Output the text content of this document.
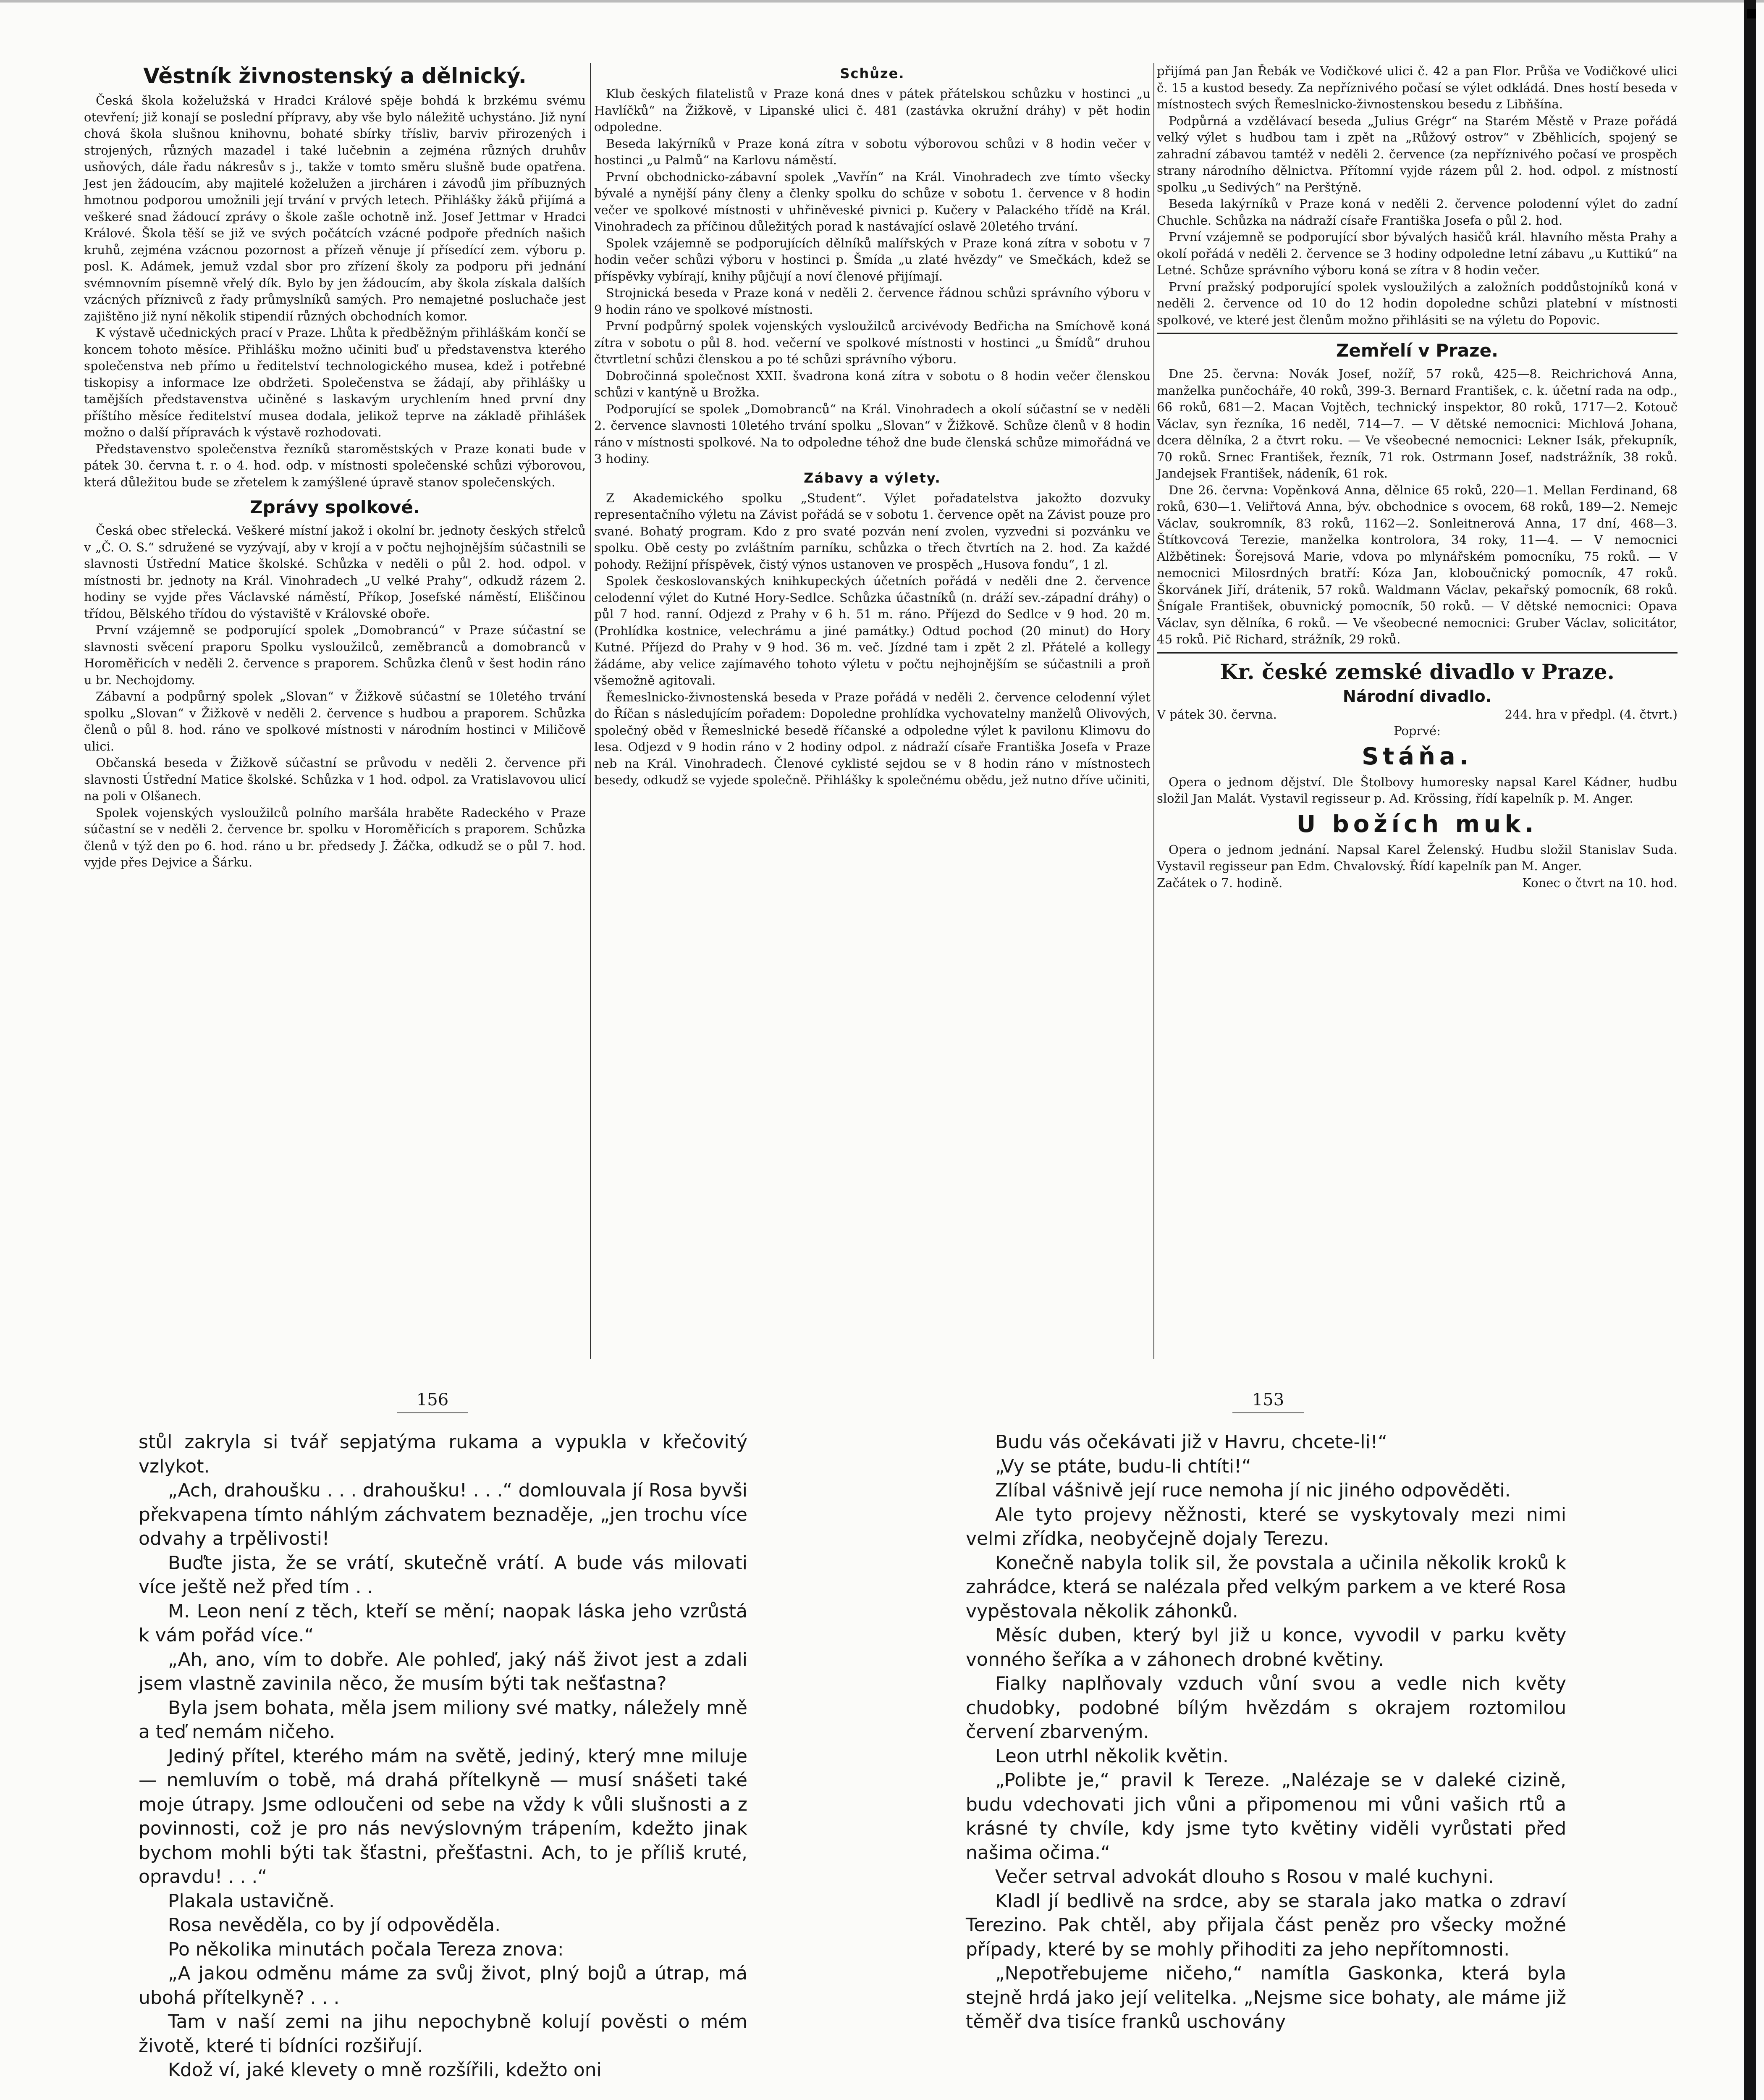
Věstník živnostenský a dělnický.

Česká škola koželužská v Hradci Králové spěje bohdá k brzkému svému otevření; již konají se poslední přípravy, aby vše bylo náležitě uchystáno. Již nyní chová škola slušnou knihovnu, bohaté sbírky třísliv, barviv přirozených i strojených, různých mazadel i také lučebnin a zejména různých druhův usňových, dále řadu nákresův s j., takže v tomto směru slušně bude opatřena. Jest jen žádoucím, aby majitelé koželužen a jircháren i závodů jim příbuzných hmotnou podporou umožnili její trvání v prvých letech. Přihlášky žáků přijímá a veškeré snad žádoucí zprávy o škole zašle ochotně inž. Josef Jettmar v Hradci Králové. Škola těší se již ve svých počátcích vzácné podpoře předních našich kruhů, zejména vzácnou pozornost a přízeň věnuje jí přísedící zem. výboru p. posl. K. Adámek, jemuž vzdal sbor pro zřízení školy za podporu při jednání svémnovním písemně vřelý dík. Bylo by jen žádoucím, aby škola získala dalších vzácných příznivců z řady průmyslníků samých. Pro nemajetné posluchače jest zajištěno již nyní několik stipendií různých obchodních komor.

K výstavě učednických prací v Praze. Lhůta k předběžným přihláškám končí se koncem tohoto měsíce. Přihlášku možno učiniti buď u představenstva kterého společenstva neb přímo u ředitelství technologického musea, kdež i potřebné tiskopisy a informace lze obdržeti. Společenstva se žádají, aby přihlášky u tamějších představenstva učiněné s laskavým urychlením hned první dny příštího měsíce ředitelství musea dodala, jelikož teprve na základě přihlášek možno o další přípravách k výstavě rozhodovati.

Představenstvo společenstva řezníků staroměstských v Praze konati bude v pátek 30. června t. r. o 4. hod. odp. v místnosti společenské schůzi výborovou, která důležitou bude se zřetelem k zamýšlené úpravě stanov společenských.

Zprávy spolkové.

Česká obec střelecká. Veškeré místní jakož i okolní br. jednoty českých střelců v „Č. O. S.“ sdružené se vyzývají, aby v krojí a v počtu nejhojnějším súčastnili se slavnosti Ústřední Matice školské. Schůzka v neděli o půl 2. hod. odpol. v místnosti br. jednoty na Král. Vinohradech „U velké Prahy“, odkudž rázem 2. hodiny se vyjde přes Václavské náměstí, Příkop, Josefské náměstí, Eliščinou třídou, Bělského třídou do výstaviště v Královské oboře.

První vzájemně se podporující spolek „Domobrancú“ v Praze súčastní se slavnosti svěcení praporu Spolku vysloužilců, zeměbranců a domobranců v Horoměřicích v neděli 2. července s praporem. Schůzka členů v šest hodin ráno u br. Nechojdomy.

Zábavní a podpůrný spolek „Slovan“ v Žižkově súčastní se 10letého trvání spolku „Slovan“ v Žižkově v neděli 2. července s hudbou a praporem. Schůzka členů o půl 8. hod. ráno ve spolkové místnosti v národním hostinci v Miličově ulici.

Občanská beseda v Žižkově súčastní se průvodu v neděli 2. července při slavnosti Ústřední Matice školské. Schůzka v 1 hod. odpol. za Vratislavovou ulicí na poli v Olšanech.

Spolek vojenských vysloužilců polního maršála hraběte Radeckého v Praze súčastní se v neděli 2. července br. spolku v Horoměřicích s praporem. Schůzka členů v týž den po 6. hod. ráno u br. předsedy J. Žáčka, odkudž se o půl 7. hod. vyjde přes Dejvice a Šárku.

Schůze.

Klub českých filatelistů v Praze koná dnes v pátek přátelskou schůzku v hostinci „u Havlíčků“ na Žižkově, v Lipanské ulici č. 481 (zastávka okružní dráhy) v pět hodin odpoledne.

Beseda lakýrníků v Praze koná zítra v sobotu výborovou schůzi v 8 hodin večer v hostinci „u Palmů“ na Karlovu náměstí.

První obchodnicko-zábavní spolek „Vavřín“ na Král. Vinohradech zve tímto všecky bývalé a nynější pány členy a členky spolku do schůze v sobotu 1. července v 8 hodin večer ve spolkové místnosti v uhřiněveské pivnici p. Kučery v Palackého třídě na Král. Vinohradech za příčinou důležitých porad k nastávající oslavě 20letého trvání.

Spolek vzájemně se podporujících dělníků malířských v Praze koná zítra v sobotu v 7 hodin večer schůzi výboru v hostinci p. Šmída „u zlaté hvězdy“ ve Smečkách, kdež se příspěvky vybírají, knihy půjčují a noví členové přijímají.

Strojnická beseda v Praze koná v neděli 2. července řádnou schůzi správního výboru v 9 hodin ráno ve spolkové místnosti.

První podpůrný spolek vojenských vysloužilců arcivévody Bedřicha na Smíchově koná zítra v sobotu o půl 8. hod. večerní ve spolkové místnosti v hostinci „u Šmídů“ druhou čtvrtletní schůzi členskou a po té schůzi správního výboru.

Dobročinná společnost XXII. švadrona koná zítra v sobotu o 8 hodin večer členskou schůzi v kantýně u Brožka.

Podporující se spolek „Domobranců“ na Král. Vinohradech a okolí súčastní se v neděli 2. července slavnosti 10letého trvání spolku „Slovan“ v Žižkově. Schůze členů v 8 hodin ráno v místnosti spolkové. Na to odpoledne téhož dne bude členská schůze mimořádná ve 3 hodiny.

Zábavy a výlety.

Z Akademického spolku „Student“. Výlet pořadatelstva jakožto dozvuky representačního výletu na Závist pořádá se v sobotu 1. července opět na Závist pouze pro svané. Bohatý program. Kdo z pro svaté pozván není zvolen, vyzvedni si pozvánku ve spolku. Obě cesty po zvláštním parníku, schůzka o třech čtvrtích na 2. hod. Za každé pohody. Režijní příspěvek, čistý výnos ustanoven ve prospěch „Husova fondu“, 1 zl.

Spolek českoslovanských knihkupeckých účetních pořádá v neděli dne 2. července celodenní výlet do Kutné Hory-Sedlce. Schůzka účastníků (n. dráží sev.-západní dráhy) o půl 7 hod. ranní. Odjezd z Prahy v 6 h. 51 m. ráno. Příjezd do Sedlce v 9 hod. 20 m. (Prohlídka kostnice, velechrámu a jiné památky.) Odtud pochod (20 minut) do Hory Kutné. Příjezd do Prahy v 9 hod. 36 m. več. Jízdné tam i zpět 2 zl. Přátelé a kollegy žádáme, aby velice zajímavého tohoto výletu v počtu nejhojnějším se súčastnili a proň všemožně agitovali.

Řemeslnicko-živnostenská beseda v Praze pořádá v neděli 2. července celodenní výlet do Říčan s následujícím pořadem: Dopoledne prohlídka vychovatelny manželů Olivových, společný oběd v Řemeslnické besedě říčanské a odpoledne výlet k pavilonu Klimovu do lesa. Odjezd v 9 hodin ráno v 2 hodiny odpol. z nádraží císaře Františka Josefa v Praze neb na Král. Vinohradech. Členové cyklisté sejdou se v 8 hodin ráno v místnostech besedy, odkudž se vyjede společně. Přihlášky k společnému obědu, jež nutno dříve učiniti,

přijímá pan Jan Řebák ve Vodičkové ulici č. 42 a pan Flor. Průša ve Vodičkové ulici č. 15 a kustod besedy. Za nepříznivého počasí se výlet odkládá. Dnes hostí beseda v místnostech svých Řemeslnicko-živnostenskou besedu z Libňšína.

Podpůrná a vzdělávací beseda „Julius Grégr“ na Starém Městě v Praze pořádá velký výlet s hudbou tam i zpět na „Růžový ostrov“ v Zběhlicích, spojený se zahradní zábavou tamtéž v neděli 2. července (za nepříznivého počasí ve prospěch strany národního dělnictva. Přítomní vyjde rázem půl 2. hod. odpol. z místností spolku „u Sedivých“ na Perštýně.

Beseda lakýrníků v Praze koná v neděli 2. července polodenní výlet do zadní Chuchle. Schůzka na nádraží císaře Františka Josefa o půl 2. hod.

První vzájemně se podporující sbor bývalých hasičů král. hlavního města Prahy a okolí pořádá v neděli 2. července se 3 hodiny odpoledne letní zábavu „u Kuttikú“ na Letné. Schůze správního výboru koná se zítra v 8 hodin večer.

První pražský podporující spolek vysloužilých a založních poddůstojníků koná v neděli 2. července od 10 do 12 hodin dopoledne schůzi platební v místnosti spolkové, ve které jest členům možno přihlásiti se na výletu do Popovic.

Zemřelí v Praze.

Dne 25. června: Novák Josef, nožíř, 57 roků, 425—8. Reichrichová Anna, manželka punčocháře, 40 roků, 399-3. Bernard František, c. k. účetní rada na odp., 66 roků, 681—2. Macan Vojtěch, technický inspektor, 80 roků, 1717—2. Kotouč Václav, syn řezníka, 16 neděl, 714—7. — V dětské nemocnici: Michlová Johana, dcera dělníka, 2 a čtvrt roku. — Ve všeobecné nemocnici: Lekner Isák, překupník, 70 roků. Srnec František, řezník, 71 rok. Ostrmann Josef, nadstrážník, 38 roků. Jandejsek František, nádeník, 61 rok.

Dne 26. června: Vopěnková Anna, dělnice 65 roků, 220—1. Mellan Ferdinand, 68 roků, 630—1. Veliřtová Anna, býv. obchodnice s ovocem, 68 roků, 189—2. Nemejc Václav, soukromník, 83 roků, 1162—2. Sonleitnerová Anna, 17 dní, 468—3. Štítkovcová Terezie, manželka kontrolora, 34 roky, 11—4. — V nemocnici Alžbětinek: Šorejsová Marie, vdova po mlynářském pomocníku, 75 roků. — V nemocnici Milosrdných bratří: Kóza Jan, kloboučnický pomocník, 47 roků. Škorvánek Jiří, drátenik, 57 roků. Waldmann Václav, pekařský pomocník, 68 roků. Šnígale František, obuvnický pomocník, 50 roků. — V dětské nemocnici: Opava Václav, syn dělníka, 6 roků. — Ve všeobecné nemocnici: Gruber Václav, solicitátor, 45 roků. Pič Richard, strážník, 29 roků.

Kr. české zemské divadlo v Praze.
Národní divadlo.
V pátek 30. června.	244. hra v předpl. (4. čtvrt.)

Poprvé:

Stáňa.

Opera o jednom dějství. Dle Štolbovy humoresky napsal Karel Kádner, hudbu složil Jan Malát. Vystavil regisseur p. Ad. Krössing, řídí kapelník p. M. Anger.

U božích muk.

Opera o jednom jednání. Napsal Karel Želenský. Hudbu složil Stanislav Suda. Vystavil regisseur pan Edm. Chvalovský. Řídí kapelník pan M. Anger.

Začátek o 7. hodině.	Konec o čtvrt na 10. hod.
156	153

stůl zakryla si tvář sepjatýma rukama a vypukla v křečovitý vzlykot.

„Ach, drahoušku . . . drahoušku! . . .“ domlouvala jí Rosa byvši překvapena tímto náhlým záchvatem beznaděje, „jen trochu více odvahy a trpělivosti!

Buďte jista, že se vrátí, skutečně vrátí. A bude vás milovati více ještě než před tím . .

M. Leon není z těch, kteří se mění; naopak láska jeho vzrůstá k vám pořád více.“

„Ah, ano, vím to dobře. Ale pohleď, jaký náš život jest a zdali jsem vlastně zavinila něco, že musím býti tak nešťastna?

Byla jsem bohata, měla jsem miliony své matky, náležely mně a teď nemám ničeho.

Jediný přítel, kterého mám na světě, jediný, který mne miluje — nemluvím o tobě, má drahá přítelkyně — musí snášeti také moje útrapy. Jsme odloučeni od sebe na vždy k vůli slušnosti a z povinnosti, což je pro nás nevýslovným trápením, kdežto jinak bychom mohli býti tak šťastni, přešťastni. Ach, to je příliš kruté, opravdu! . . .“

Plakala ustavičně.

Rosa nevěděla, co by jí odpověděla.

Po několika minutách počala Tereza znova:

„A jakou odměnu máme za svůj život, plný bojů a útrap, má ubohá přítelkyně? . . .

Tam v naší zemi na jihu nepochybně kolují pověsti o mém životě, které ti bídníci rozšiřují.

Kdož ví, jaké klevety o mně rozšířili, kdežto oni

Budu vás očekávati již v Havru, chcete-li!“

„Vy se ptáte, budu-li chtíti!“

Zlíbal vášnivě její ruce nemoha jí nic jiného odpověděti.

Ale tyto projevy něžnosti, které se vyskytovaly mezi nimi velmi zřídka, neobyčejně dojaly Terezu.

Konečně nabyla tolik sil, že povstala a učinila několik kroků k zahrádce, která se nalézala před velkým parkem a ve které Rosa vypěstovala několik záhonků.

Měsíc duben, který byl již u konce, vyvodil v parku květy vonného šeříka a v záhonech drobné květiny.

Fialky naplňovaly vzduch vůní svou a vedle nich květy chudobky, podobné bílým hvězdám s okrajem roztomilou červení zbarveným.

Leon utrhl několik květin.

„Polibte je,“ pravil k Tereze. „Nalézaje se v daleké cizině, budu vdechovati jich vůni a připomenou mi vůni vašich rtů a krásné ty chvíle, kdy jsme tyto květiny viděli vyrůstati před našima očima.“

Večer setrval advokát dlouho s Rosou v malé kuchyni.

Kladl jí bedlivě na srdce, aby se starala jako matka o zdraví Terezino. Pak chtěl, aby přijala část peněz pro všecky možné případy, které by se mohly přihoditi za jeho nepřítomnosti.

„Nepotřebujeme ničeho,“ namítla Gaskonka, která byla stejně hrdá jako její velitelka. „Nejsme sice bohaty, ale máme již těměř dva tisíce franků uschovány
